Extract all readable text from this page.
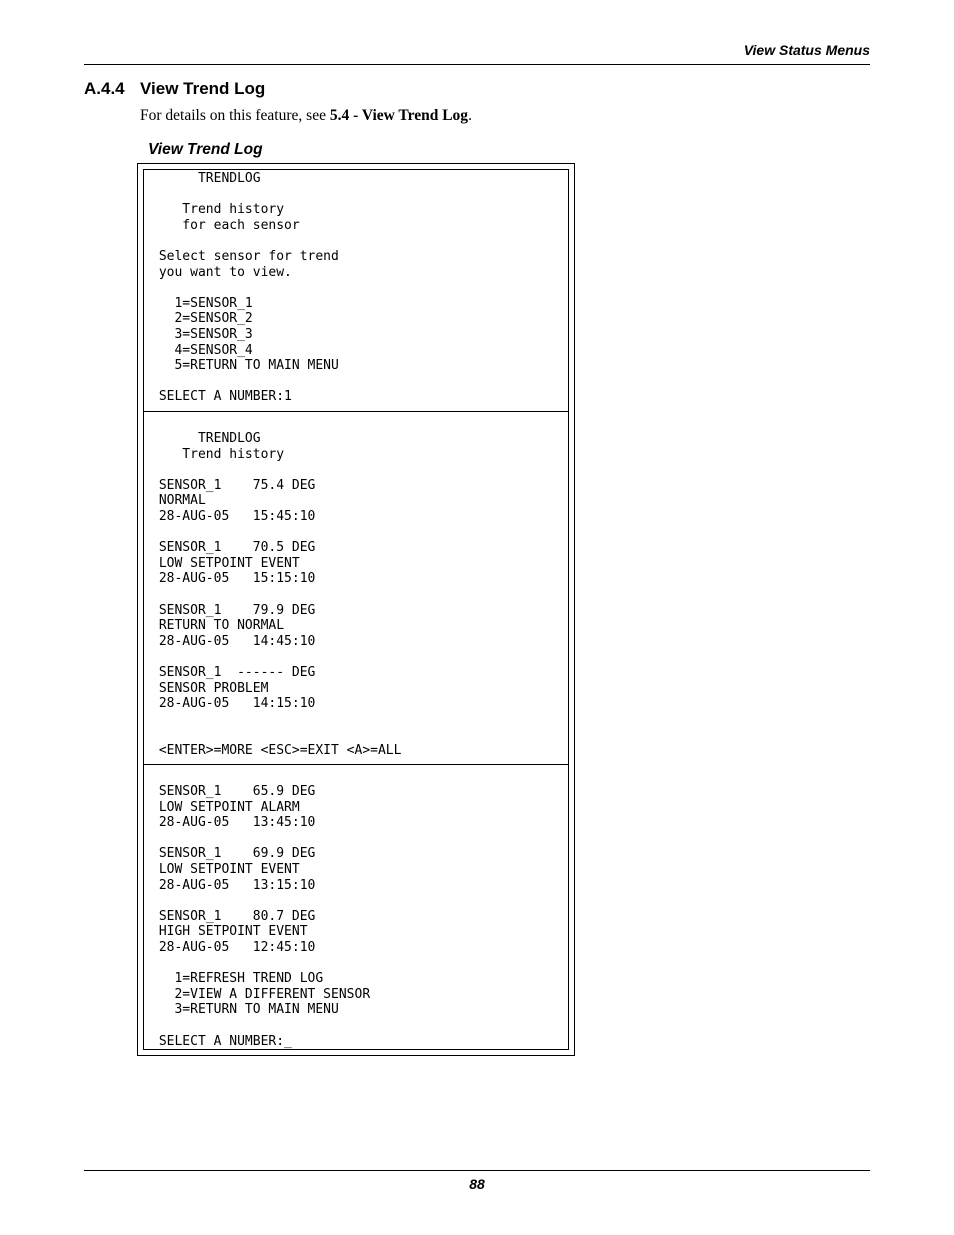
View Status Menus
A.4.4 View Trend Log
For details on this feature, see 5.4 - View Trend Log.
View Trend Log
TRENDLOG

Trend history
for each sensor

Select sensor for trend
you want to view.

1=SENSOR_1
2=SENSOR_2
3=SENSOR_3
4=SENSOR_4
5=RETURN TO MAIN MENU

SELECT A NUMBER:1
TRENDLOG
Trend history

SENSOR_1    75.4 DEG
NORMAL
28-AUG-05   15:45:10

SENSOR_1    70.5 DEG
LOW SETPOINT EVENT
28-AUG-05   15:15:10

SENSOR_1    79.9 DEG
RETURN TO NORMAL
28-AUG-05   14:45:10

SENSOR_1  ------ DEG
SENSOR PROBLEM
28-AUG-05   14:15:10

<ENTER>=MORE <ESC>=EXIT <A>=ALL
SENSOR_1    65.9 DEG
LOW SETPOINT ALARM
28-AUG-05   13:45:10

SENSOR_1    69.9 DEG
LOW SETPOINT EVENT
28-AUG-05   13:15:10

SENSOR_1    80.7 DEG
HIGH SETPOINT EVENT
28-AUG-05   12:45:10

1=REFRESH TREND LOG
2=VIEW A DIFFERENT SENSOR
3=RETURN TO MAIN MENU

SELECT A NUMBER:_
88
